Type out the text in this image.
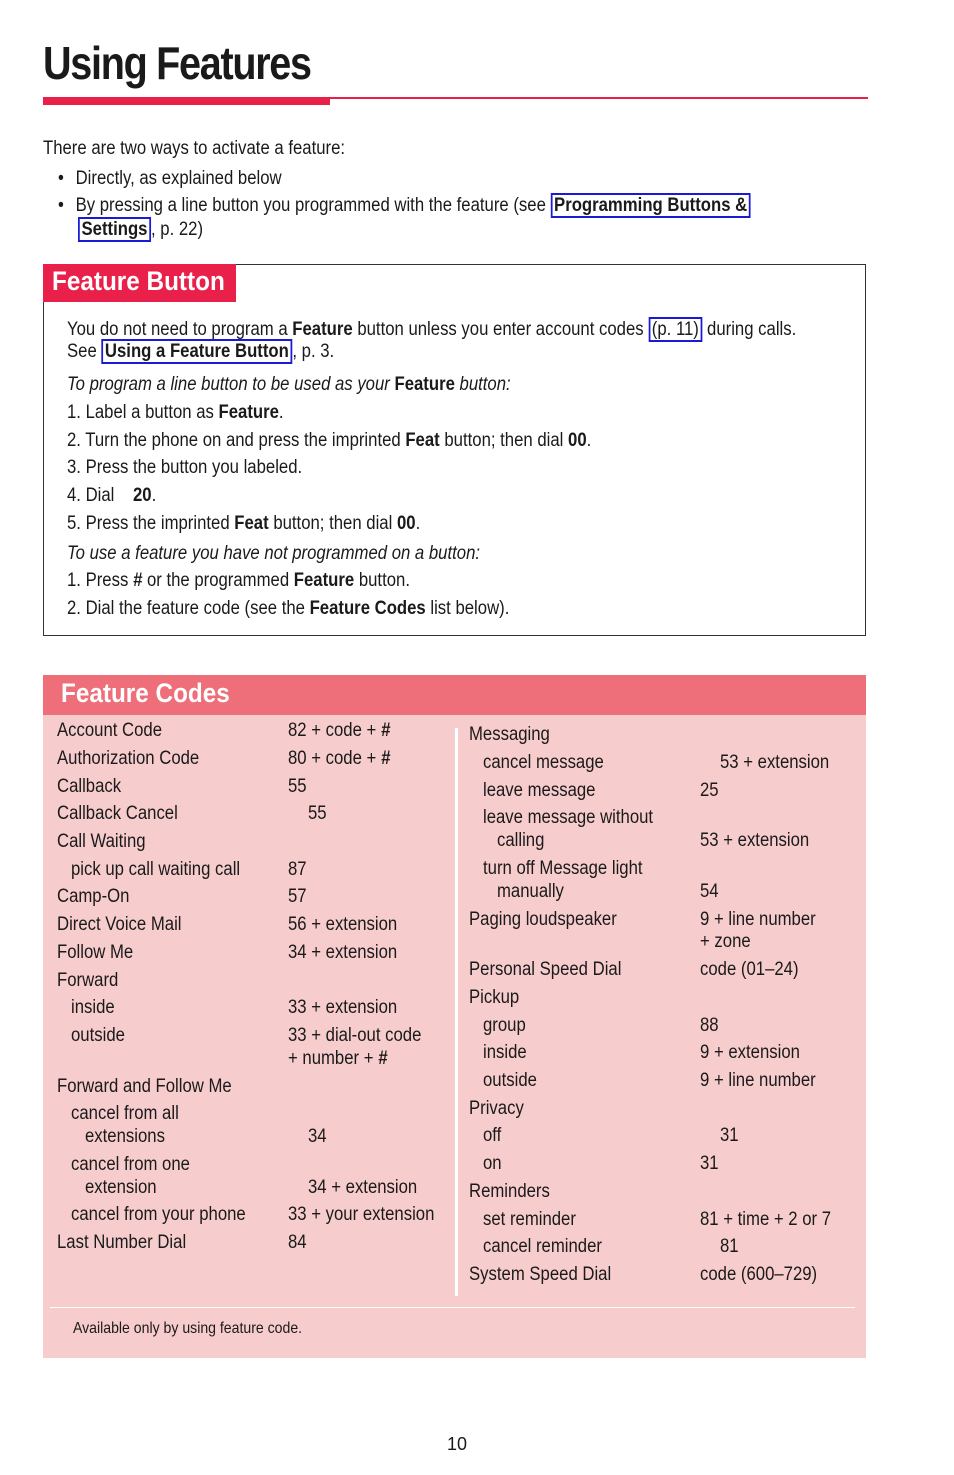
Using Features
There are two ways to activate a feature:
• Directly, as explained below
• By pressing a line button you programmed with the feature (see Programming Buttons &
Settings , p. 22)
Feature Button
You do not need to program a Feature button unless you enter account codes (p. 11) during calls.
See Using a Feature Button , p. 3.
To program a line button to be used as your Feature button:
1. Label a button as Feature.
2. Turn the phone on and press the imprinted Feat button; then dial 00.
3. Press the button you labeled.
4. Dial 20.
5. Press the imprinted Feat button; then dial 00.
To use a feature you have not programmed on a button:
1. Press # or the programmed Feature button.
2. Dial the feature code (see the Feature Codes list below).
Feature Codes
Account Code	82 + code + #
Authorization Code	80 + code + #
Callback	55
Callback Cancel	55
Call Waiting
pick up call waiting call	87
Camp-On	57
Direct Voice Mail	56 + extension
Follow Me	34 + extension
Forward
inside	33 + extension
outside	33 + dial-out code
+ number + #
Forward and Follow Me
cancel from all
extensions	34
cancel from one
extension	34 + extension
cancel from your phone	33 + your extension
Last Number Dial	84
Messaging
cancel message	53 + extension
leave message	25
leave message without
calling	53 + extension
turn off Message light
manually	54
Paging loudspeaker	9 + line number
+ zone
Personal Speed Dial	code (01–24)
Pickup
group	88
inside	9 + extension
outside	9 + line number
Privacy
off	31
on	31
Reminders
set reminder	81 + time + 2 or 7
cancel reminder	81
System Speed Dial	code (600–729)
Available only by using feature code.
10
